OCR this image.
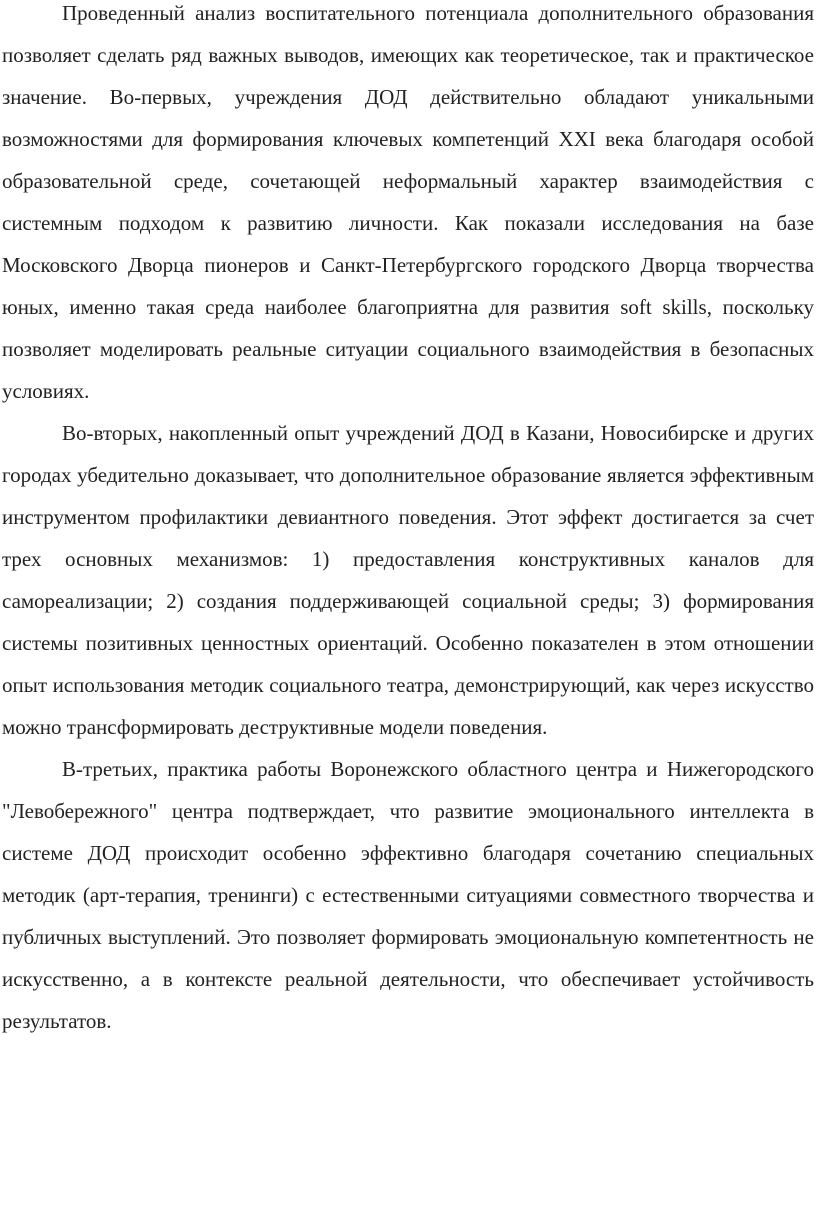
Проведенный анализ воспитательного потенциала дополнительного образования позволяет сделать ряд важных выводов, имеющих как теоретическое, так и практическое значение. Во-первых, учреждения ДОД действительно обладают уникальными возможностями для формирования ключевых компетенций XXI века благодаря особой образовательной среде, сочетающей неформальный характер взаимодействия с системным подходом к развитию личности. Как показали исследования на базе Московского Дворца пионеров и Санкт-Петербургского городского Дворца творчества юных, именно такая среда наиболее благоприятна для развития soft skills, поскольку позволяет моделировать реальные ситуации социального взаимодействия в безопасных условиях.

Во-вторых, накопленный опыт учреждений ДОД в Казани, Новосибирске и других городах убедительно доказывает, что дополнительное образование является эффективным инструментом профилактики девиантного поведения. Этот эффект достигается за счет трех основных механизмов: 1) предоставления конструктивных каналов для самореализации; 2) создания поддерживающей социальной среды; 3) формирования системы позитивных ценностных ориентаций. Особенно показателен в этом отношении опыт использования методик социального театра, демонстрирующий, как через искусство можно трансформировать деструктивные модели поведения.

В-третьих, практика работы Воронежского областного центра и Нижегородского "Левобережного" центра подтверждает, что развитие эмоционального интеллекта в системе ДОД происходит особенно эффективно благодаря сочетанию специальных методик (арт-терапия, тренинги) с естественными ситуациями совместного творчества и публичных выступлений. Это позволяет формировать эмоциональную компетентность не искусственно, а в контексте реальной деятельности, что обеспечивает устойчивость результатов.
